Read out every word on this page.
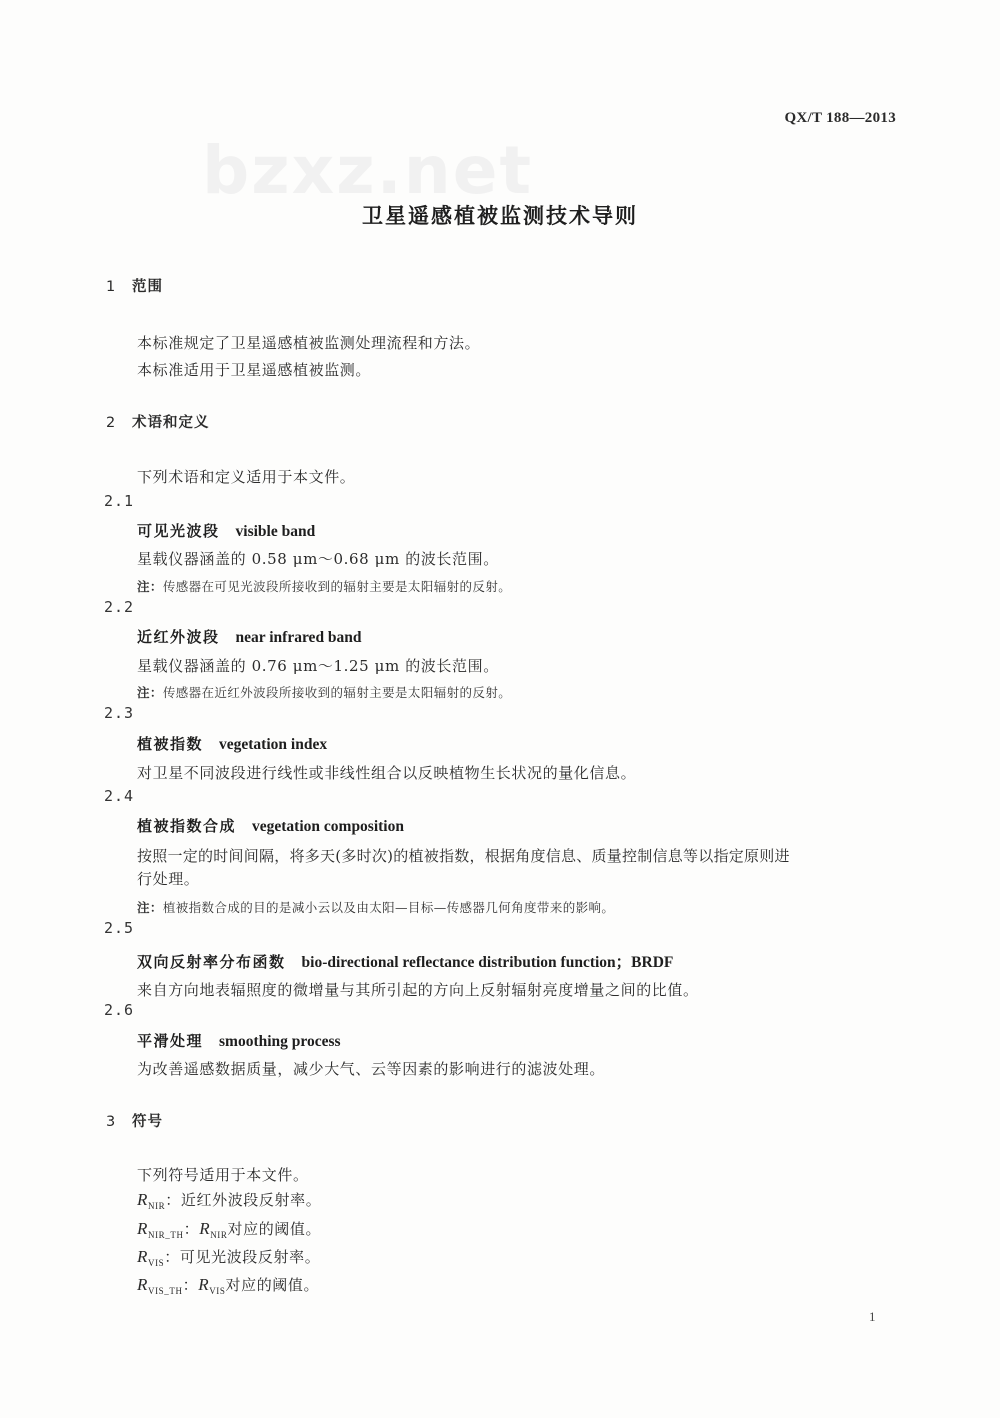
QX/T 188—2013
bzxz.net
卫星遥感植被监测技术导则
1 范围
本标准规定了卫星遥感植被监测处理流程和方法。
本标准适用于卫星遥感植被监测。
2 术语和定义
下列术语和定义适用于本文件。
2.1
可见光波段 visible band
星载仪器涵盖的 0.58 μm～0.68 μm 的波长范围。
注：传感器在可见光波段所接收到的辐射主要是太阳辐射的反射。
2.2
近红外波段 near infrared band
星载仪器涵盖的 0.76 μm～1.25 μm 的波长范围。
注：传感器在近红外波段所接收到的辐射主要是太阳辐射的反射。
2.3
植被指数 vegetation index
对卫星不同波段进行线性或非线性组合以反映植物生长状况的量化信息。
2.4
植被指数合成 vegetation composition
按照一定的时间间隔，将多天(多时次)的植被指数，根据角度信息、质量控制信息等以指定原则进
行处理。
注：植被指数合成的目的是减小云以及由太阳—目标—传感器几何角度带来的影响。
2.5
双向反射率分布函数 bio-directional reflectance distribution function；BRDF
来自方向地表辐照度的微增量与其所引起的方向上反射辐射亮度增量之间的比值。
2.6
平滑处理 smoothing process
为改善遥感数据质量，减少大气、云等因素的影响进行的滤波处理。
3 符号
下列符号适用于本文件。
$R_{NIR}$：近红外波段反射率。
$R_{NIR\_TH}$：$R_{NIR}$对应的阈值。
$R_{VIS}$：可见光波段反射率。
$R_{VIS\_TH}$：$R_{VIS}$对应的阈值。
1
